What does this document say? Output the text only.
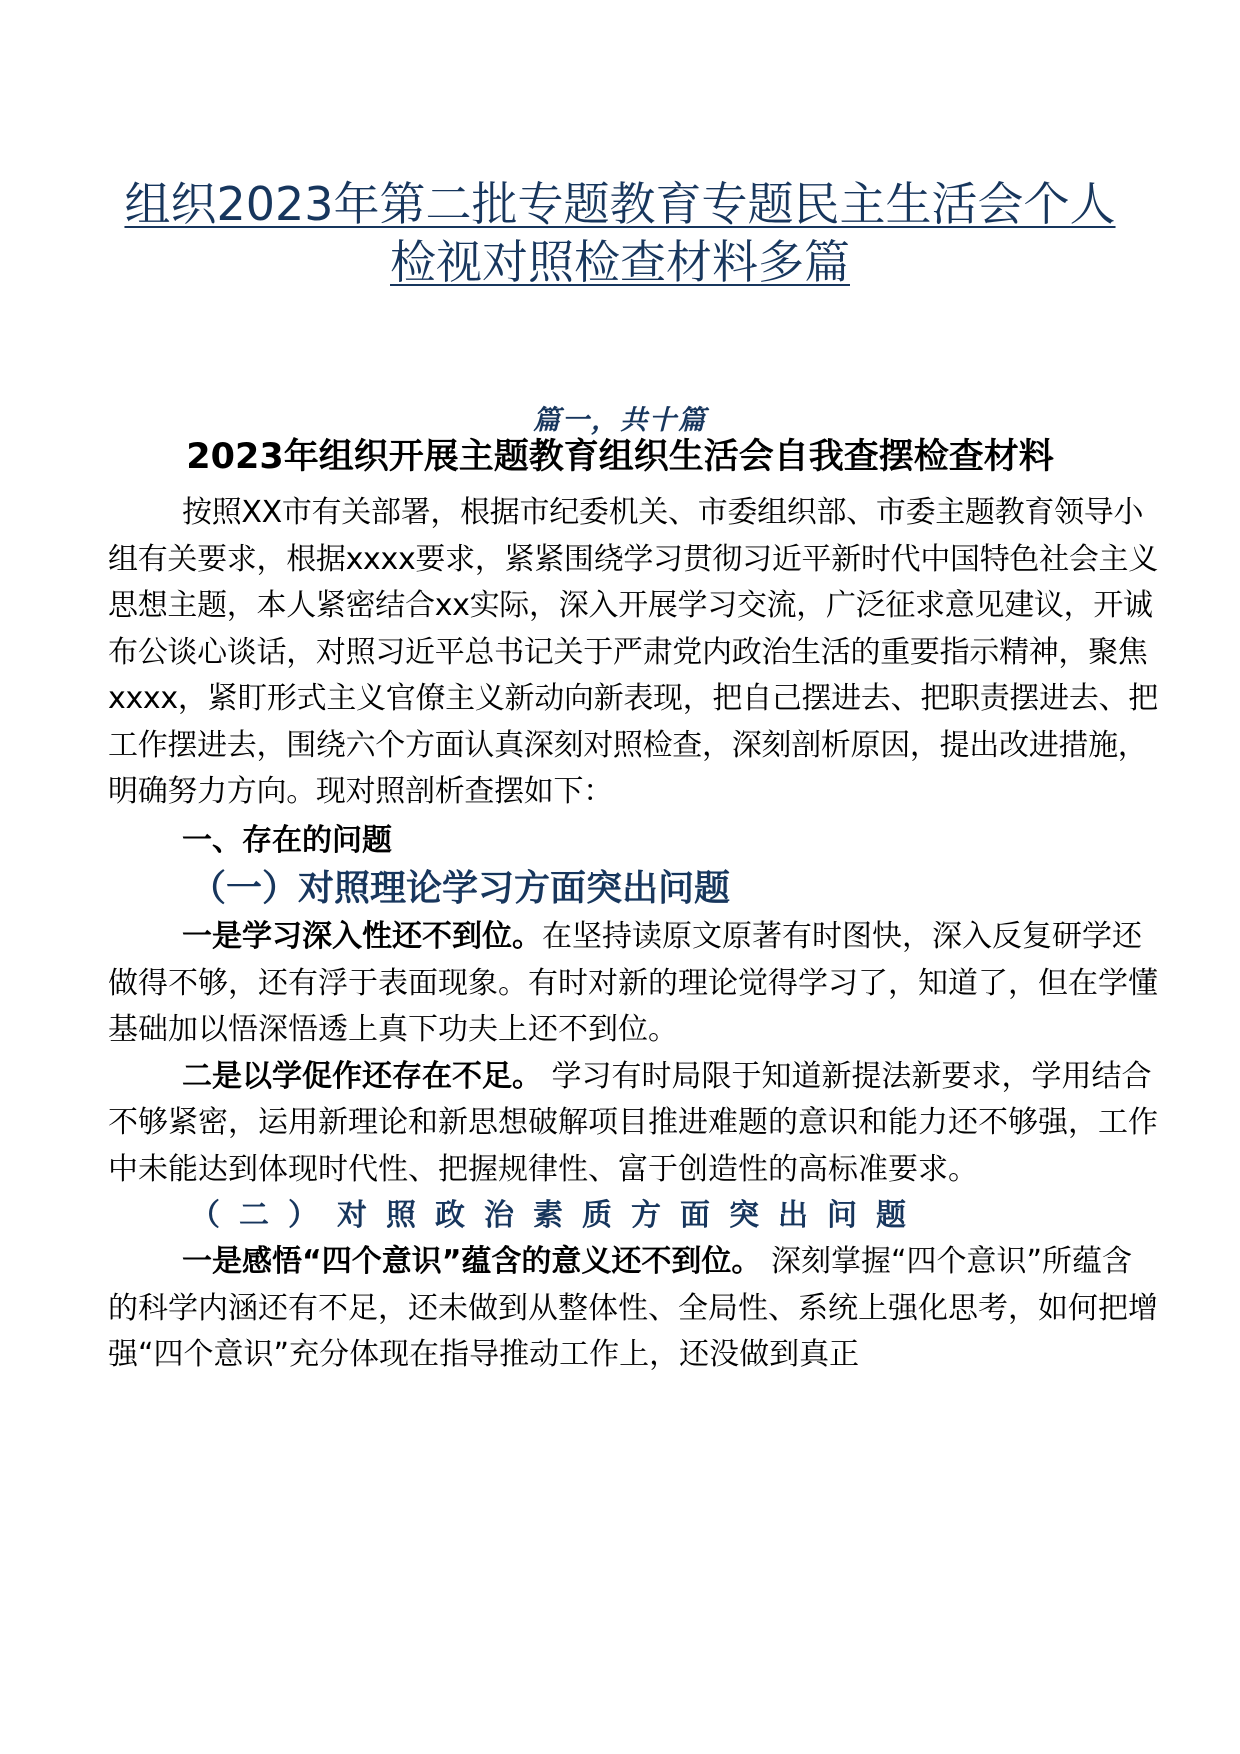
组织2023年第二批专题教育专题民主生活会个人
检视对照检查材料多篇
篇一，共十篇
2023年组织开展主题教育组织生活会自我查摆检查材料

按照XX市有关部署，根据市纪委机关、市委组织部、市委主题教育领导小组有关要求，根据xxxx要求，紧紧围绕学习贯彻习近平新时代中国特色社会主义思想主题，本人紧密结合xx实际，深入开展学习交流，广泛征求意见建议，开诚布公谈心谈话，对照习近平总书记关于严肃党内政治生活的重要指示精神，聚焦xxxx，紧盯形式主义官僚主义新动向新表现，把自己摆进去、把职责摆进去、把工作摆进去，围绕六个方面认真深刻对照检查，深刻剖析原因，提出改进措施，明确努力方向。现对照剖析查摆如下：

一、存在的问题

（一）对照理论学习方面突出问题

一是学习深入性还不到位。在坚持读原文原著有时图快，深入反复研学还做得不够，还有浮于表面现象。有时对新的理论觉得学习了，知道了，但在学懂基础加以悟深悟透上真下功夫上还不到位。

二是以学促作还存在不足。 学习有时局限于知道新提法新要求，学用结合不够紧密，运用新理论和新思想破解项目推进难题的意识和能力还不够强，工作中未能达到体现时代性、把握规律性、富于创造性的高标准要求。

（二）对照政治素质方面突出问题

一是感悟“四个意识”蕴含的意义还不到位。 深刻掌握“四个意识”所蕴含的科学内涵还有不足，还未做到从整体性、全局性、系统上强化思考，如何把增强“四个意识”充分体现在指导推动工作上，还没做到真正
